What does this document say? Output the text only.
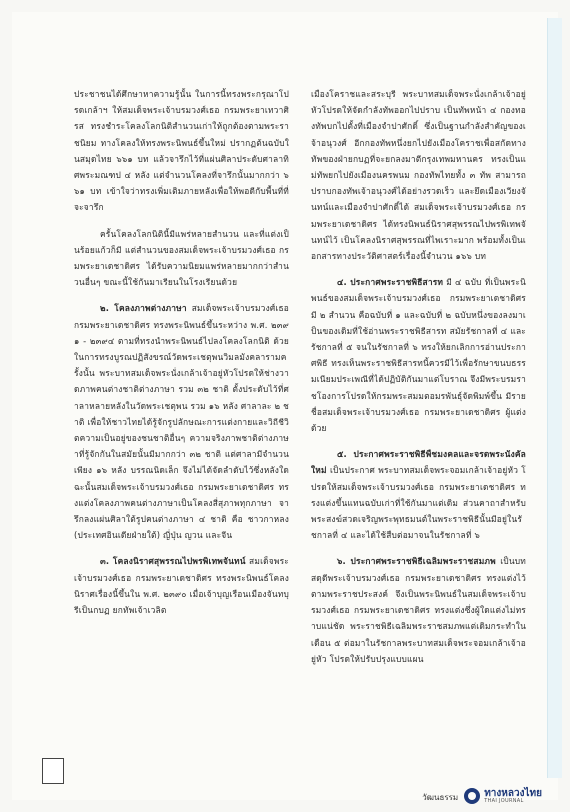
ประชาชนได้ศึกษาหาความรู้นั้น ในการนี้ทรงพระกรุณาโปรดเกล้าฯ ให้สมเด็จพระเจ้าบรมวงศ์เธอ กรมพระยาเทวาศิรส ทรงชำระโคลงโลกนิติสำนวนเก่าให้ถูกต้องตามพระราชนิยม ทางโคลงให้ทรงพระนิพนธ์ขึ้นใหม่ ปรากฏต้นฉบับในสมุดไทย ๖๖๑ บท แล้วจารึกไว้ที่แผ่นศิลาประดับศาลาทิศพระมณฑป ๔ หลัง แต่จำนวนโคลงที่จารึกนั้นมากกว่า ๖๖๑ บท เข้าใจว่าทรงเพิ่มเติมภายหลังเพื่อให้พอดีกับพื้นที่ที่จะจารึก

ครั้นโคลงโลกนิตินี้มีแพร่หลายสำนวน และที่แต่งเป็นร้อยแก้วก็มี แต่สำนวนของสมเด็จพระเจ้าบรมวงศ์เธอ กรมพระยาเดชาดิศร ได้รับความนิยมแพร่หลายมากกว่าสำนวนอื่นๆ ขณะนี้ใช้กันมาเรียนในโรงเรียนด้วย

๒. โคลงภาพต่างภาษา สมเด็จพระเจ้าบรมวงศ์เธอ กรมพระยาเดชาดิศร ทรงพระนิพนธ์ขึ้นระหว่าง พ.ศ. ๒๓๙๑ - ๒๓๙๔ ตามที่ทรงนำพระนิพนธ์ไปลงโคลงโลกนิติ ด้วยในการทรงบูรณปฏิสังขรณ์วัดพระเชตุพนวิมลมังคลารามครั้งนั้น พระบาทสมเด็จพระนั่งเกล้าเจ้าอยู่หัวโปรดให้ช่างวาดภาพคนต่างชาติต่างภาษา รวม ๓๒ ชาติ ตั้งประดับไว้ที่ศาลาหลายหลังในวัดพระเชตุพน รวม ๑๖ หลัง ศาลาละ ๒ ชาติ เพื่อให้ชาวไทยได้รู้จักรูปลักษณะการแต่งกายและวิถีชีวิตความเป็นอยู่ของชนชาติอื่นๆ ความจริงภาพชาติต่างภาษาที่รู้จักกันในสมัยนั้นมีมากกว่า ๓๒ ชาติ แต่ศาลามีจำนวนเพียง ๑๖ หลัง บรรณนิดเล็ก จึงไม่ได้จัดลำดับไว้ซึ่งหลังใด ฉะนั้นสมเด็จพระเจ้าบรมวงศ์เธอ กรมพระยาเดชาดิศร ทรงแต่งโคลงภาพคนต่างภาษาเป็นโคลงสี่สุภาพทุกภาษา จารึกลงแผ่นศิลาใต้รูปคนต่างภาษา ๔ ชาติ คือ ชาวกาหลง (ประเทศอินเดียฝ่ายใต้) ญี่ปุ่น ญวน และจีน

๓. โคลงนิราศสุพรรณไปพรพิเทพจันทน์ สมเด็จพระเจ้าบรมวงศ์เธอ กรมพระยาเดชาดิศร ทรงพระนิพนธ์โคลงนิราศเรื่องนี้ขึ้นใน พ.ศ. ๒๓๙๐ เมื่อเจ้าบุญเรือนเมืองจันทบุรีเป็นกบฏ ยกทัพเจ้าเวลิต

เมืองโคราชและสระบุรี พระบาทสมเด็จพระนั่งเกล้าเจ้าอยู่หัวโปรดให้จัดกำลังทัพออกไปปราบ เป็นทัพหน้า ๔ กองทองทัพบกไปตั้งที่เมืองจำปาศักดิ์ ซึ่งเป็นฐานกำลังสำคัญของเจ้าอนุวงศ์ อีกกองทัพหนึ่งยกไปยังเมืองโคราชเพื่อสกัดทางทัพของฝ่ายกบฏที่จะยกลงมาตีกรุงเทพมหานคร ทรงเป็นแม่ทัพยกไปยังเมืองนครพนม กองทัพไทยทั้ง ๓ ทัพ สามารถปราบกองทัพเจ้าอนุวงศ์ได้อย่างรวดเร็ว และยึดเมืองเวียงจันทน์และเมืองจำปาศักดิ์ได้ สมเด็จพระเจ้าบรมวงศ์เธอ กรมพระยาเดชาดิศร ได้ทรงนิพนธ์นิราศสุพรรณไปพรพิเทพจันทน์ไว้ เป็นโคลงนิราศสุพรรณที่ไพเราะมาก พร้อมทั้งเป็นเอกสารทางประวัติศาสตร์เรื่องนี้จำนวน ๑๖๖ บท

๔. ประกาศพระราชพิธีสารท มี ๔ ฉบับ ที่เป็นพระนิพนธ์ของสมเด็จพระเจ้าบรมวงศ์เธอ กรมพระยาเดชาดิศร มี ๒ สำนวน คือฉบับที่ ๑ และฉบับที่ ๒ ฉบับหนึ่งของลงมาเป็นของเดิมที่ใช้อ่านพระราชพิธีสารท สมัยรัชกาลที่ ๔ และรัชกาลที่ ๕ จนในรัชกาลที่ ๖ ทรงให้ยกเลิกการอ่านประกาศพิธี ทรงเห็นพระราชพิธีสารทนี้ควรมีไว้เพื่อรักษาขนบธรรมเนียมประเพณีที่ได้ปฏิบัติกันมาแต่โบราณ จึงมีพระบรมราชโองการโปรดให้กรมพระสมมตอมรพันธุ์จัดพิมพ์ขึ้น มีรายชื่อสมเด็จพระเจ้าบรมวงศ์เธอ กรมพระยาเดชาดิศร ผู้แต่งด้วย

๕. ประกาศพระราชพิธีพืชมงคลและจรดพระนังคัลใหม่ เป็นประกาศ พระบาทสมเด็จพระจอมเกล้าเจ้าอยู่หัว โปรดให้สมเด็จพระเจ้าบรมวงศ์เธอ กรมพระยาเดชาดิศร ทรงแต่งขึ้นแทนฉบับเก่าที่ใช้กันมาแต่เดิม ส่วนคาถาสำหรับพระสงฆ์สวดเจริญพระพุทธมนต์ในพระราชพิธีนั้นมีอยู่ในรัชกาลที่ ๔ และได้ใช้สืบต่อมาจนในรัชกาลที่ ๖

๖. ประกาศพระราชพิธีเฉลิมพระราชสมภพ เป็นบทสดุดีพระเจ้าบรมวงศ์เธอ กรมพระยาเดชาดิศร ทรงแต่งไว้ตามพระราชประสงค์ จึงเป็นพระนิพนธ์ในสมเด็จพระเจ้าบรมวงศ์เธอ กรมพระยาเดชาดิศร ทรงแต่งซึ่งผู้ใดแต่งไม่ทราบแน่ชัด พระราชพิธีเฉลิมพระราชสมภพแต่เดิมกระทำในเดือน ๕ ต่อมาในรัชกาลพระบาทสมเด็จพระจอมเกล้าเจ้าอยู่หัว โปรดให้ปรับปรุงแบบแผน

วัฒนธรรม	ทางหลวงไทย
THAI JOURNAL
